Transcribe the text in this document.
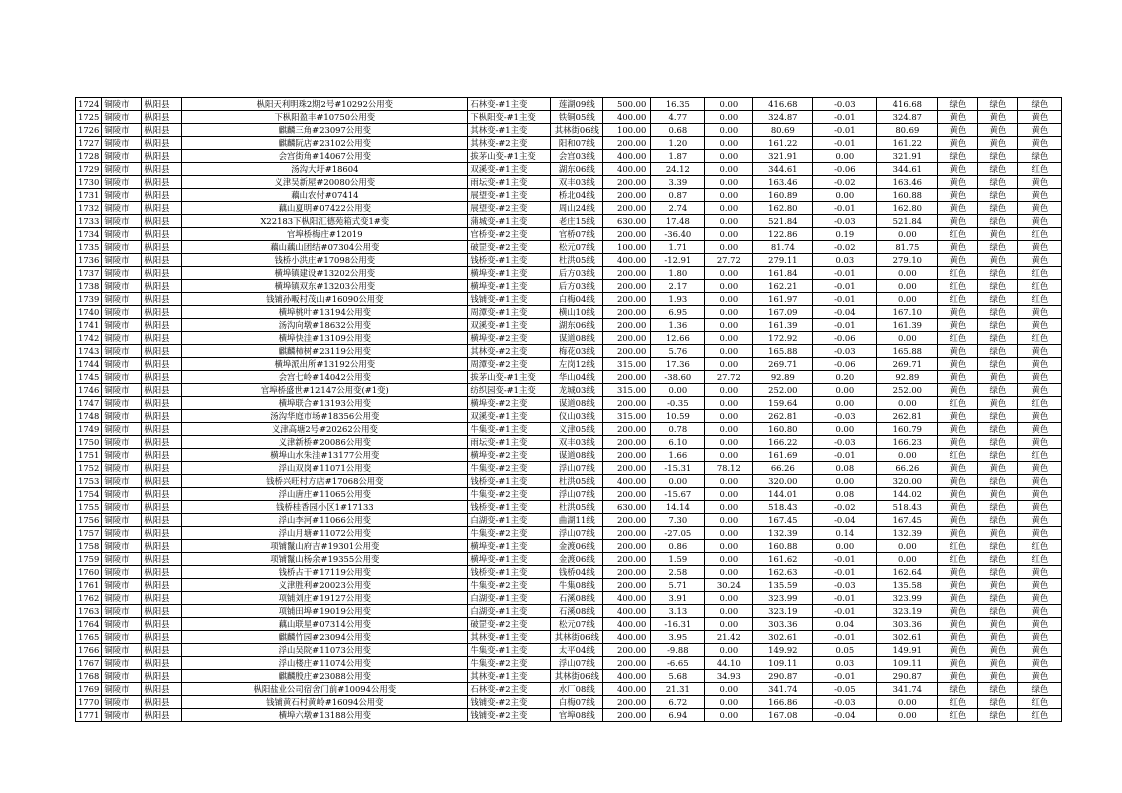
1724	铜陵市	枞阳县	枞阳天利明珠2期2号#10292公用变	石林变-#1主变	莲湖09线	500.00	16.35	0.00	416.68	-0.03	416.68	绿色	绿色	绿色
1725	铜陵市	枞阳县	下枞阳盈丰#10750公用变	下枞阳变-#1主变	铁铜05线	400.00	4.77	0.00	324.87	-0.01	324.87	黄色	黄色	黄色
1726	铜陵市	枞阳县	麒麟三角#23097公用变	其林变-#1主变	其林街06线	100.00	0.68	0.00	80.69	-0.01	80.69	黄色	黄色	黄色
1727	铜陵市	枞阳县	麒麟阮店#23102公用变	其林变-#2主变	阳和07线	200.00	1.20	0.00	161.22	-0.01	161.22	黄色	黄色	黄色
1728	铜陵市	枞阳县	会宫街角#14067公用变	拔茅山变-#1主变	会宫03线	400.00	1.87	0.00	321.91	0.00	321.91	绿色	绿色	绿色
1729	铜陵市	枞阳县	汤沟大圩#18604	双溪变-#1主变	湖东06线	400.00	24.12	0.00	344.61	-0.06	344.61	黄色	绿色	红色
1730	铜陵市	枞阳县	义津吴新屋#20080公用变	雨坛变-#1主变	双丰03线	200.00	3.39	0.00	163.46	-0.02	163.46	黄色	绿色	黄色
1731	铜陵市	枞阳县	藕山农付#07414	展望变-#1主变	桥北04线	200.00	0.87	0.00	160.89	0.00	160.88	黄色	绿色	黄色
1732	铜陵市	枞阳县	藕山夏明#07422公用变	展望变-#2主变	周山24线	200.00	2.74	0.00	162.80	-0.01	162.80	黄色	绿色	黄色
1733	铜陵市	枞阳县	X22183下枞阳汇德苑箱式变1#变	蒲城变-#1主变	老庄15线	630.00	17.48	0.00	521.84	-0.03	521.84	黄色	绿色	黄色
1734	铜陵市	枞阳县	官埠桥梅庄#12019	官桥变-#2主变	官桥07线	200.00	-36.40	0.00	122.86	0.19	0.00	红色	黄色	红色
1735	铜陵市	枞阳县	藕山藕山团结#07304公用变	破罡变-#2主变	松元07线	100.00	1.71	0.00	81.74	-0.02	81.75	黄色	绿色	黄色
1736	铜陵市	枞阳县	钱桥小洪庄#17098公用变	钱桥变-#1主变	杜洪05线	400.00	-12.91	27.72	279.11	0.03	279.10	黄色	黄色	黄色
1737	铜陵市	枞阳县	横埠镇建设#13202公用变	横埠变-#1主变	后方03线	200.00	1.80	0.00	161.84	-0.01	0.00	红色	绿色	红色
1738	铜陵市	枞阳县	横埠镇双东#13203公用变	横埠变-#1主变	后方03线	200.00	2.17	0.00	162.21	-0.01	0.00	红色	绿色	红色
1739	铜陵市	枞阳县	钱铺孙畈村茂山#16090公用变	钱铺变-#1主变	白梅04线	200.00	1.93	0.00	161.97	-0.01	0.00	红色	绿色	红色
1740	铜陵市	枞阳县	横埠桃叶#13194公用变	周潭变-#1主变	横山10线	200.00	6.95	0.00	167.09	-0.04	167.10	黄色	绿色	黄色
1741	铜陵市	枞阳县	汤沟向墩#18632公用变	双溪变-#1主变	湖东06线	200.00	1.36	0.00	161.39	-0.01	161.39	黄色	绿色	黄色
1742	铜陵市	枞阳县	横埠快洼#13109公用变	横埠变-#2主变	谋道08线	200.00	12.66	0.00	172.92	-0.06	0.00	红色	绿色	红色
1743	铜陵市	枞阳县	麒麟柿树#23119公用变	其林变-#2主变	梅花03线	200.00	5.76	0.00	165.88	-0.03	165.88	黄色	绿色	黄色
1744	铜陵市	枞阳县	横埠派出所#13192公用变	周潭变-#2主变	左岗12线	315.00	17.36	0.00	269.71	-0.06	269.71	黄色	绿色	黄色
1745	铜陵市	枞阳县	会宫七岭#14042公用变	拔茅山变-#1主变	华山04线	200.00	-38.60	27.72	92.89	0.20	92.89	黄色	黄色	黄色
1746	铜陵市	枞阳县	官埠桥盛世#12147公用变(#1变)	纺织园变-#1主变	龙城03线	315.00	0.00	0.00	252.00	0.00	252.00	黄色	绿色	黄色
1747	铜陵市	枞阳县	横埠联合#13193公用变	横埠变-#2主变	谋道08线	200.00	-0.35	0.00	159.64	0.00	0.00	红色	黄色	红色
1748	铜陵市	枞阳县	汤沟华庭市场#18356公用变	双溪变-#1主变	仪山03线	315.00	10.59	0.00	262.81	-0.03	262.81	黄色	绿色	黄色
1749	铜陵市	枞阳县	义津高塘2号#20262公用变	牛集变-#1主变	义津05线	200.00	0.78	0.00	160.80	0.00	160.79	黄色	绿色	黄色
1750	铜陵市	枞阳县	义津新桥#20086公用变	雨坛变-#1主变	双丰03线	200.00	6.10	0.00	166.22	-0.03	166.23	黄色	绿色	黄色
1751	铜陵市	枞阳县	横埠山水朱洼#13177公用变	横埠变-#2主变	谋道08线	200.00	1.66	0.00	161.69	-0.01	0.00	红色	绿色	红色
1752	铜陵市	枞阳县	浮山双岗#11071公用变	牛集变-#2主变	浮山07线	200.00	-15.31	78.12	66.26	0.08	66.26	黄色	黄色	黄色
1753	铜陵市	枞阳县	钱桥兴旺村方店#17068公用变	钱桥变-#1主变	杜洪05线	400.00	0.00	0.00	320.00	0.00	320.00	黄色	绿色	黄色
1754	铜陵市	枞阳县	浮山唐庄#11065公用变	牛集变-#2主变	浮山07线	200.00	-15.67	0.00	144.01	0.08	144.02	黄色	黄色	黄色
1755	铜陵市	枞阳县	钱桥桂香园小区1#17133	钱桥变-#1主变	杜洪05线	630.00	14.14	0.00	518.43	-0.02	518.43	黄色	绿色	黄色
1756	铜陵市	枞阳县	浮山李河#11066公用变	白湖变-#1主变	曲湖11线	200.00	7.30	0.00	167.45	-0.04	167.45	黄色	绿色	黄色
1757	铜陵市	枞阳县	浮山月塘#11072公用变	牛集变-#2主变	浮山07线	200.00	-27.05	0.00	132.39	0.14	132.39	黄色	黄色	黄色
1758	铜陵市	枞阳县	项铺鬣山府吉#19301公用变	横埠变-#1主变	金渡06线	200.00	0.86	0.00	160.88	0.00	0.00	红色	绿色	红色
1759	铜陵市	枞阳县	项铺鬣山杨余#19355公用变	横埠变-#1主变	金渡06线	200.00	1.59	0.00	161.62	-0.01	0.00	红色	绿色	红色
1760	铜陵市	枞阳县	钱桥占干#17119公用变	钱桥变-#1主变	钱桥04线	200.00	2.58	0.00	162.63	-0.01	162.64	黄色	绿色	黄色
1761	铜陵市	枞阳县	义津胜利#20023公用变	牛集变-#2主变	牛集08线	200.00	5.71	30.24	135.59	-0.03	135.58	黄色	黄色	黄色
1762	铜陵市	枞阳县	项铺刘庄#19127公用变	白湖变-#1主变	石溪08线	400.00	3.91	0.00	323.99	-0.01	323.99	黄色	绿色	黄色
1763	铜陵市	枞阳县	项铺田埠#19019公用变	白湖变-#1主变	石溪08线	400.00	3.13	0.00	323.19	-0.01	323.19	黄色	绿色	黄色
1764	铜陵市	枞阳县	藕山联星#07314公用变	破罡变-#2主变	松元07线	400.00	-16.31	0.00	303.36	0.04	303.36	黄色	黄色	黄色
1765	铜陵市	枞阳县	麒麟竹园#23094公用变	其林变-#1主变	其林街06线	400.00	3.95	21.42	302.61	-0.01	302.61	黄色	黄色	黄色
1766	铜陵市	枞阳县	浮山吴院#11073公用变	牛集变-#1主变	太平04线	200.00	-9.88	0.00	149.92	0.05	149.91	黄色	黄色	黄色
1767	铜陵市	枞阳县	浮山楼庄#11074公用变	牛集变-#2主变	浮山07线	200.00	-6.65	44.10	109.11	0.03	109.11	黄色	黄色	黄色
1768	铜陵市	枞阳县	麒麟殷庄#23088公用变	其林变-#1主变	其林街06线	400.00	5.68	34.93	290.87	-0.01	290.87	黄色	黄色	黄色
1769	铜陵市	枞阳县	枞阳盐业公司宿舍门前#10094公用变	石林变-#2主变	水厂08线	400.00	21.31	0.00	341.74	-0.05	341.74	绿色	绿色	绿色
1770	铜陵市	枞阳县	钱铺黄石村黄岭#16094公用变	钱铺变-#2主变	白梅07线	200.00	6.72	0.00	166.86	-0.03	0.00	红色	绿色	红色
1771	铜陵市	枞阳县	横埠六墩#13188公用变	钱铺变-#2主变	官埠08线	200.00	6.94	0.00	167.08	-0.04	0.00	红色	绿色	红色
